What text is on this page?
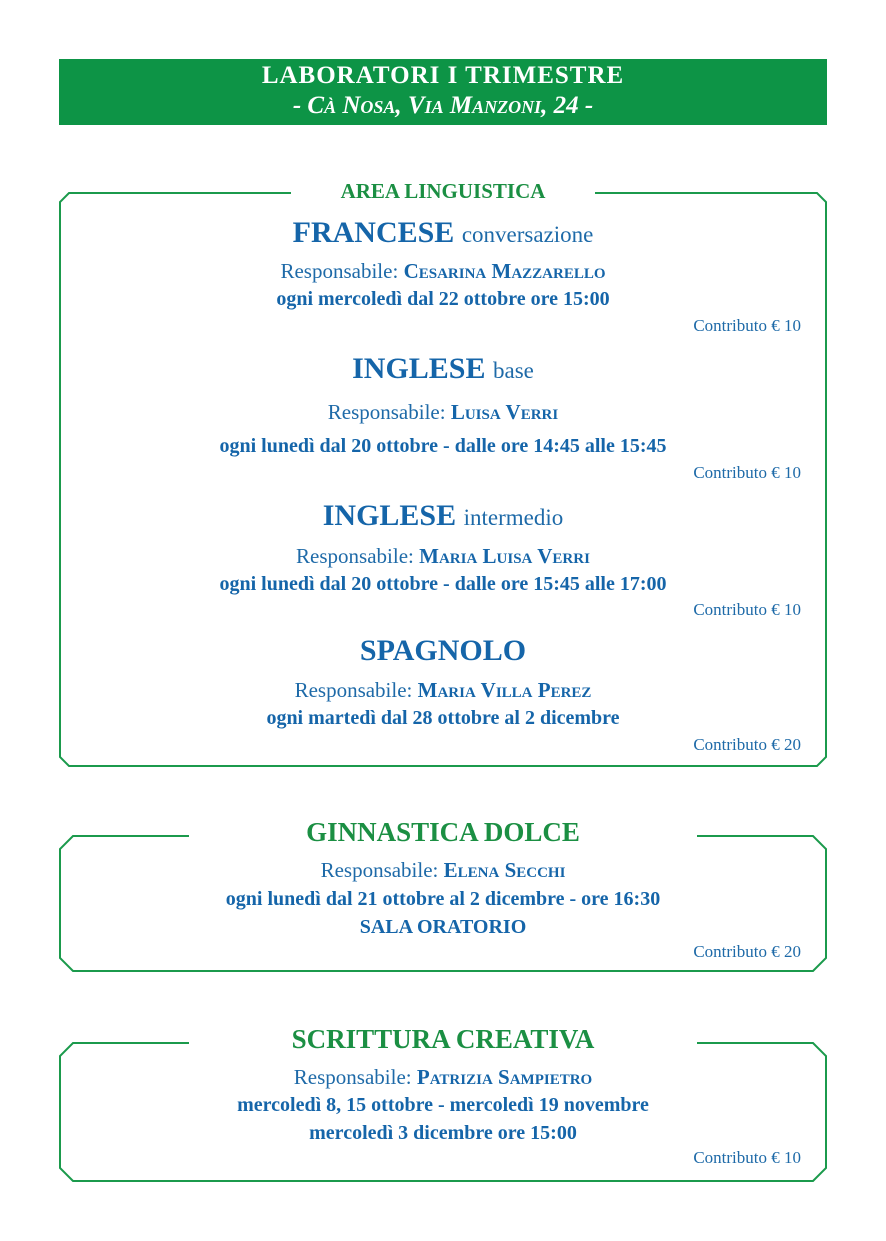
LABORATORI I TRIMESTRE
- Cà Nosa, Via Manzoni, 24 -
AREA LINGUISTICA
FRANCESE conversazione
Responsabile: Cesarina Mazzarello
ogni mercoledì dal 22 ottobre ore 15:00
Contributo € 10
INGLESE base
Responsabile: Luisa Verri
ogni lunedì dal 20 ottobre - dalle ore 14:45 alle 15:45
Contributo € 10
INGLESE intermedio
Responsabile: Maria Luisa Verri
ogni lunedì dal 20 ottobre - dalle ore 15:45 alle 17:00
Contributo € 10
SPAGNOLO
Responsabile: Maria Villa Perez
ogni martedì dal 28 ottobre al 2 dicembre
Contributo € 20
GINNASTICA DOLCE
Responsabile: Elena Secchi
ogni lunedì dal 21 ottobre al 2 dicembre - ore 16:30
SALA ORATORIO
Contributo € 20
SCRITTURA CREATIVA
Responsabile: Patrizia Sampietro
mercoledì 8, 15 ottobre - mercoledì 19 novembre
mercoledì 3 dicembre ore 15:00
Contributo € 10
